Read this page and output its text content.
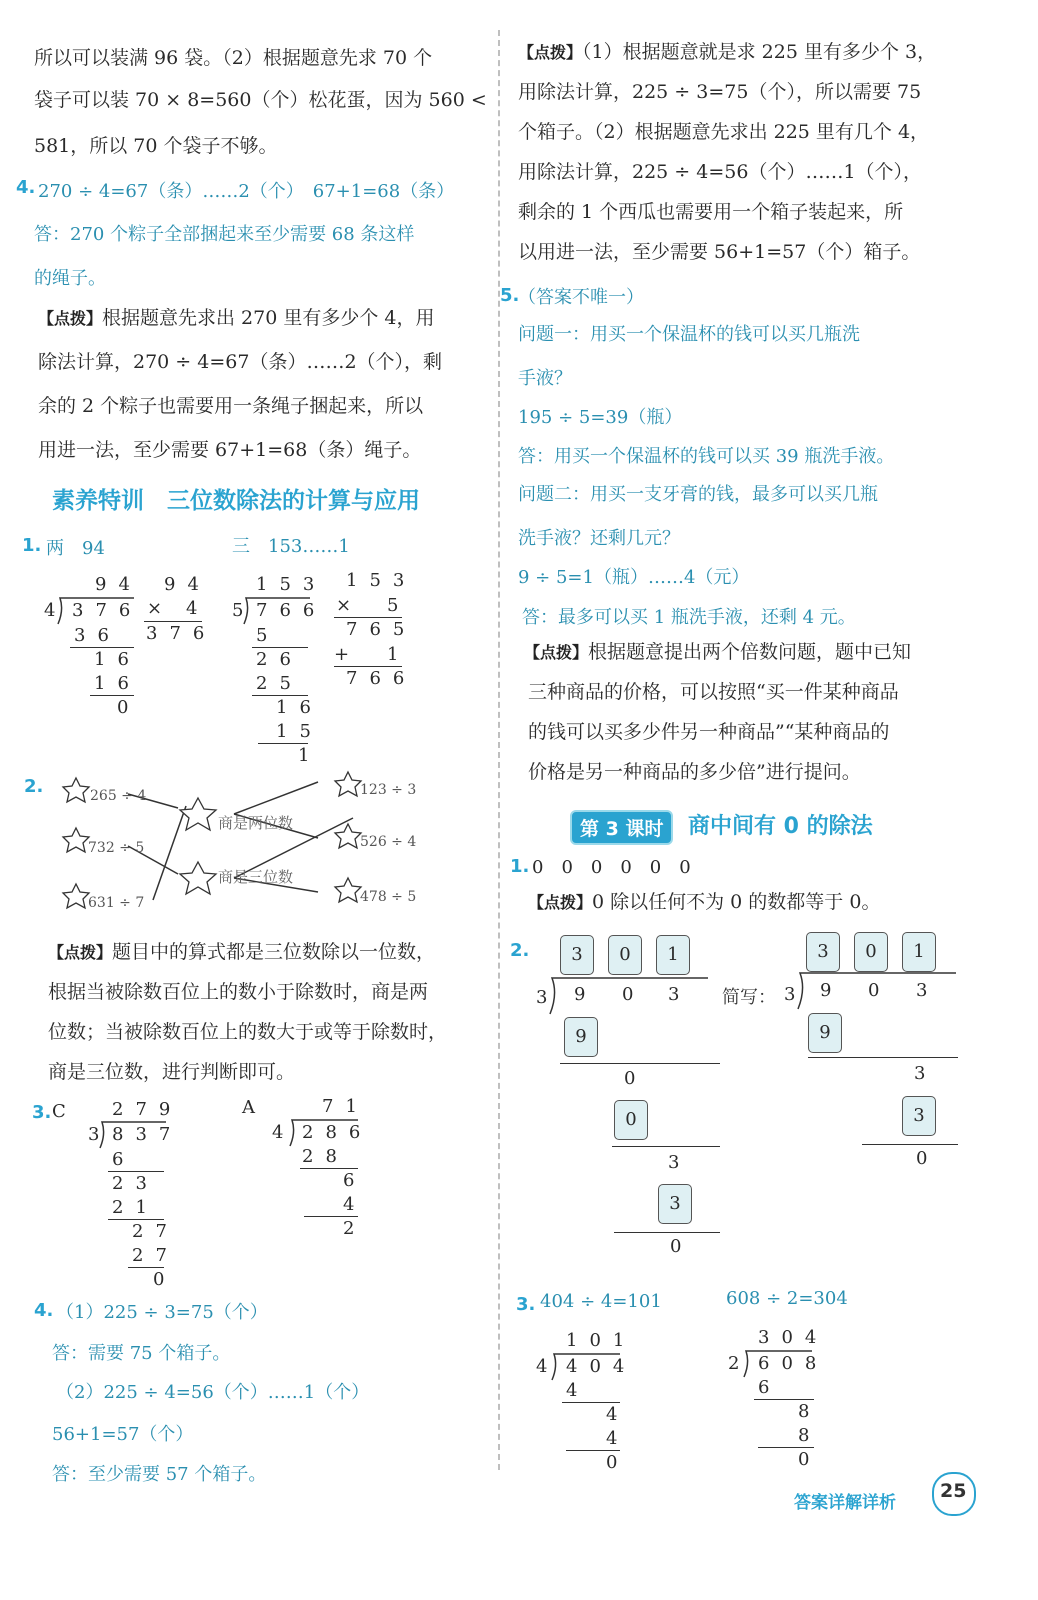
所以可以装满 96 袋。（2）根据题意先求 70 个
袋子可以装 70 × 8=560（个）松花蛋，因为 560 <
581，所以 70 个袋子不够。
4. 270 ÷ 4=67（条）……2（个）　67+1=68（条）
答：270 个粽子全部捆起来至少需要 68 条这样
的绳子。
【点拨】根据题意先求出 270 里有多少个 4，用
除法计算，270 ÷ 4=67（条）……2（个），剩
余的 2 个粽子也需要用一条绳子捆起来，所以
用进一法，至少需要 67+1=68（条）绳子。
素养特训　三位数除法的计算与应用
1. 两　94	三　153……1
94
4 376
36
16
16
0
94
× 4
376
153
5 766
5
26
25
16
15
1
153
× 5
765
+ 1
766
2.	265 ÷ 4
732 ÷ 5
631 ÷ 7
商是两位数
商是三位数
123 ÷ 3
526 ÷ 4
478 ÷ 5
【点拨】题目中的算式都是三位数除以一位数，
根据当被除数百位上的数小于除数时，商是两
位数；当被除数百位上的数大于或等于除数时，
商是三位数，进行判断即可。
3. C	279
3 837
6
23
21
27
27
0
A	71
4 286
28
6
4
2
4. （1）225 ÷ 3=75（个）
答：需要 75 个箱子。
（2）225 ÷ 4=56（个）……1（个）
56+1=57（个）
答：至少需要 57 个箱子。
【点拨】（1）根据题意就是求 225 里有多少个 3，
用除法计算，225 ÷ 3=75（个），所以需要 75
个箱子。（2）根据题意先求出 225 里有几个 4，
用除法计算，225 ÷ 4=56（个）……1（个），
剩余的 1 个西瓜也需要用一个箱子装起来，所
以用进一法，至少需要 56+1=57（个）箱子。
5.
（答案不唯一）
问题一：用买一个保温杯的钱可以买几瓶洗
手液？
195 ÷ 5=39（瓶）
答：用买一个保温杯的钱可以买 39 瓶洗手液。
问题二：用买一支牙膏的钱，最多可以买几瓶
洗手液？还剩几元？
9 ÷ 5=1（瓶）……4（元）
答：最多可以买 1 瓶洗手液，还剩 4 元。
【点拨】根据题意提出两个倍数问题，题中已知
三种商品的价格，可以按照“买一件某种商品
的钱可以买多少件另一种商品”“某种商品的
价格是另一种商品的多少倍”进行提问。
第 3 课时	商中间有 0 的除法
1. 0　0　0　0　0　0
【点拨】0 除以任何不为 0 的数都等于 0。
2.	3	0	1
3 9 0 3
9
0
0
3
3
0
简写：
3	0	1
3 9 0 3
9
3
3
0
3. 404 ÷ 4=101	608 ÷ 2=304
101
4 404
4
4
4
0
304
2 608
6
8
8
0
答案详解详析
25
